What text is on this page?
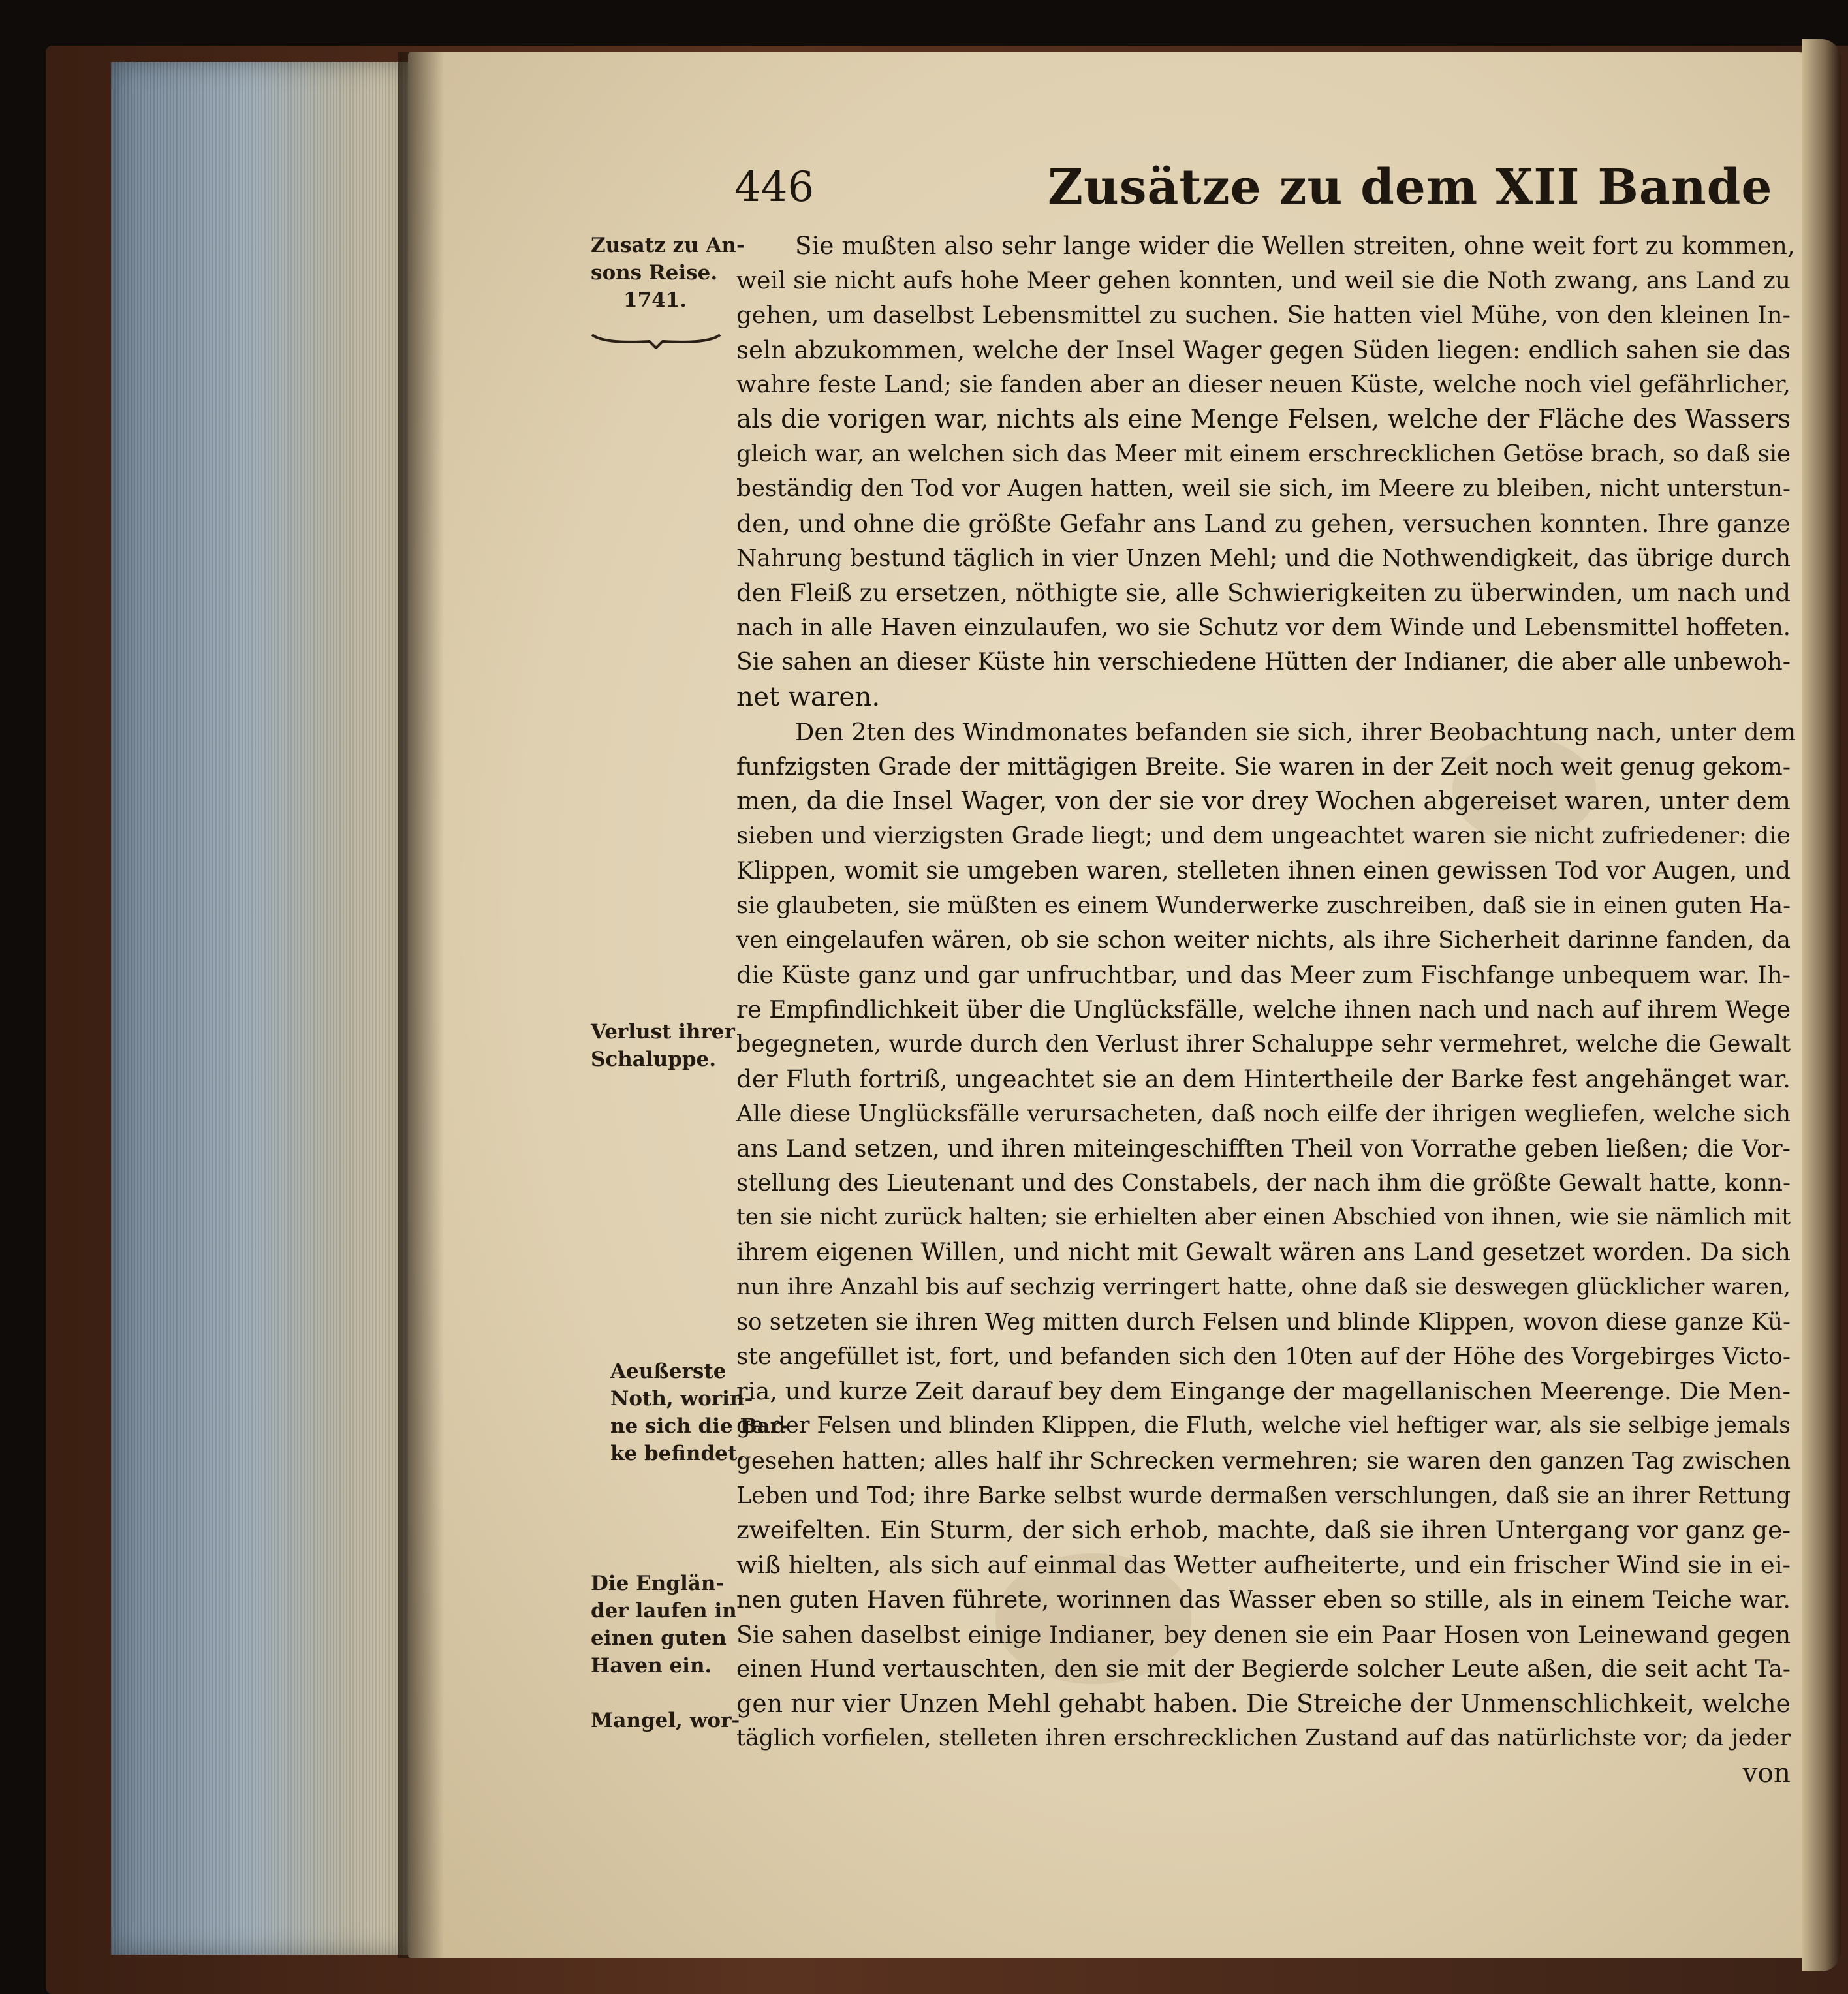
446	Zusätze zu dem XII Bande
Zusatz zu An-
sons Reise.
1741.
Verlust ihrer
Schaluppe.
Aeußerste
Noth, worin-
ne sich die Bar-
ke befindet.
Die Englän-
der laufen in
einen guten
Haven ein.
Mangel, wor-
Sie mußten also sehr lange wider die Wellen streiten, ohne weit fort zu kommen,
weil sie nicht aufs hohe Meer gehen konnten, und weil sie die Noth zwang, ans Land zu
gehen, um daselbst Lebensmittel zu suchen. Sie hatten viel Mühe, von den kleinen In-
seln abzukommen, welche der Insel Wager gegen Süden liegen: endlich sahen sie das
wahre feste Land; sie fanden aber an dieser neuen Küste, welche noch viel gefährlicher,
als die vorigen war, nichts als eine Menge Felsen, welche der Fläche des Wassers
gleich war, an welchen sich das Meer mit einem erschrecklichen Getöse brach, so daß sie
beständig den Tod vor Augen hatten, weil sie sich, im Meere zu bleiben, nicht unterstun-
den, und ohne die größte Gefahr ans Land zu gehen, versuchen konnten. Ihre ganze
Nahrung bestund täglich in vier Unzen Mehl; und die Nothwendigkeit, das übrige durch
den Fleiß zu ersetzen, nöthigte sie, alle Schwierigkeiten zu überwinden, um nach und
nach in alle Haven einzulaufen, wo sie Schutz vor dem Winde und Lebensmittel hoffeten.
Sie sahen an dieser Küste hin verschiedene Hütten der Indianer, die aber alle unbewoh-
net waren.
Den 2ten des Windmonates befanden sie sich, ihrer Beobachtung nach, unter dem
funfzigsten Grade der mittägigen Breite. Sie waren in der Zeit noch weit genug gekom-
men, da die Insel Wager, von der sie vor drey Wochen abgereiset waren, unter dem
sieben und vierzigsten Grade liegt; und dem ungeachtet waren sie nicht zufriedener: die
Klippen, womit sie umgeben waren, stelleten ihnen einen gewissen Tod vor Augen, und
sie glaubeten, sie müßten es einem Wunderwerke zuschreiben, daß sie in einen guten Ha-
ven eingelaufen wären, ob sie schon weiter nichts, als ihre Sicherheit darinne fanden, da
die Küste ganz und gar unfruchtbar, und das Meer zum Fischfange unbequem war. Ih-
re Empfindlichkeit über die Unglücksfälle, welche ihnen nach und nach auf ihrem Wege
begegneten, wurde durch den Verlust ihrer Schaluppe sehr vermehret, welche die Gewalt
der Fluth fortriß, ungeachtet sie an dem Hintertheile der Barke fest angehänget war.
Alle diese Unglücksfälle verursacheten, daß noch eilfe der ihrigen wegliefen, welche sich
ans Land setzen, und ihren miteingeschifften Theil von Vorrathe geben ließen; die Vor-
stellung des Lieutenant und des Constabels, der nach ihm die größte Gewalt hatte, konn-
ten sie nicht zurück halten; sie erhielten aber einen Abschied von ihnen, wie sie nämlich mit
ihrem eigenen Willen, und nicht mit Gewalt wären ans Land gesetzet worden. Da sich
nun ihre Anzahl bis auf sechzig verringert hatte, ohne daß sie deswegen glücklicher waren,
so setzeten sie ihren Weg mitten durch Felsen und blinde Klippen, wovon diese ganze Kü-
ste angefüllet ist, fort, und befanden sich den 10ten auf der Höhe des Vorgebirges Victo-
ria, und kurze Zeit darauf bey dem Eingange der magellanischen Meerenge. Die Men-
ge der Felsen und blinden Klippen, die Fluth, welche viel heftiger war, als sie selbige jemals
gesehen hatten; alles half ihr Schrecken vermehren; sie waren den ganzen Tag zwischen
Leben und Tod; ihre Barke selbst wurde dermaßen verschlungen, daß sie an ihrer Rettung
zweifelten. Ein Sturm, der sich erhob, machte, daß sie ihren Untergang vor ganz ge-
wiß hielten, als sich auf einmal das Wetter aufheiterte, und ein frischer Wind sie in ei-
nen guten Haven führete, worinnen das Wasser eben so stille, als in einem Teiche war.
Sie sahen daselbst einige Indianer, bey denen sie ein Paar Hosen von Leinewand gegen
einen Hund vertauschten, den sie mit der Begierde solcher Leute aßen, die seit acht Ta-
gen nur vier Unzen Mehl gehabt haben. Die Streiche der Unmenschlichkeit, welche
täglich vorfielen, stelleten ihren erschrecklichen Zustand auf das natürlichste vor; da jeder
von
